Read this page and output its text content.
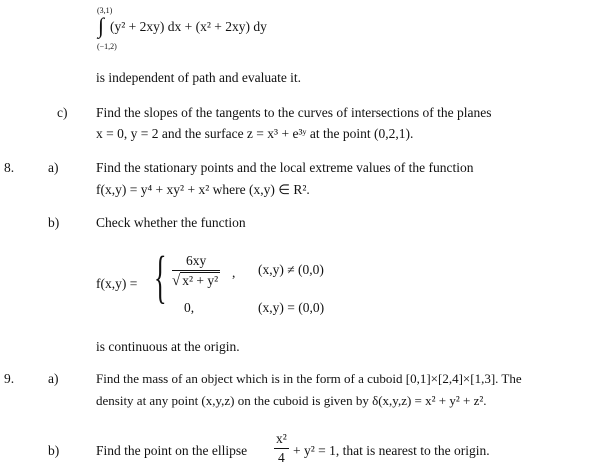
(3,1)
∫ (y² + 2xy) dx + (x² + 2xy) dy
(−1,2)
is independent of path and evaluate it.
c) Find the slopes of the tangents to the curves of intersections of the planes
x = 0, y = 2 and the surface z = x³ + e³ʸ at the point (0,2,1).
8.	a)	Find the stationary points and the local extreme values of the function
f(x,y) = y⁴ + xy² + x² where (x,y) ∈ R².
b)	Check whether the function
f(x,y) = { $\frac{6xy}{\text{√ x² + y²}}$ , (x,y) ≠ (0,0)
0,	(x,y) = (0,0)
is continuous at the origin.
9.	a)	Find the mass of an object which is in the form of a cuboid [0,1]×[2,4]×[1,3]. The
density at any point (x,y,z) on the cuboid is given by δ(x,y,z) = x² + y² + z².
b)	Find the point on the ellipse $\frac{\text{x²}}{4} + y^2 = 1$, that is nearest to the origin.
